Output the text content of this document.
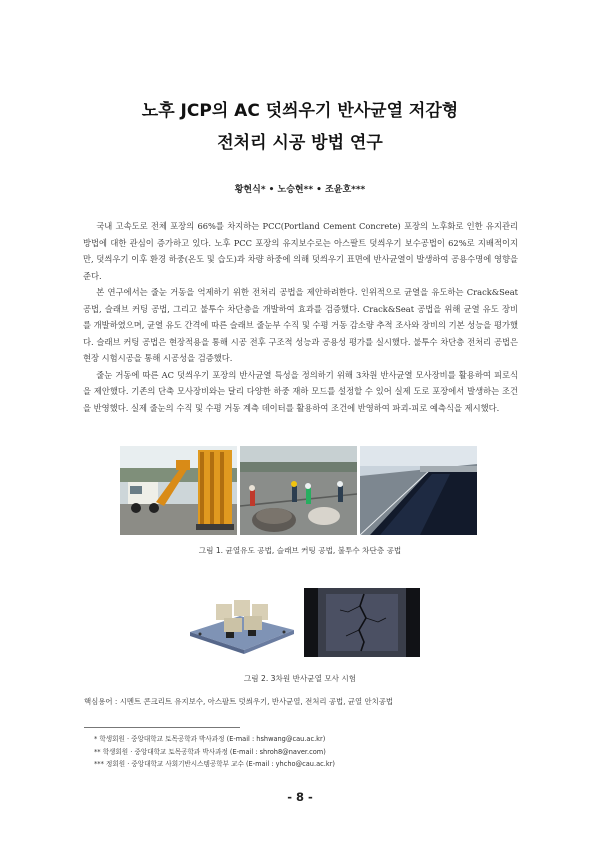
노후 JCP의 AC 덧씌우기 반사균열 저감형
전처리 시공 방법 연구
황현식* • 노승현** • 조윤호***

국내 고속도로 전체 포장의 66%를 차지하는 PCC(Portland Cement Concrete) 포장의 노후화로 인한 유지관리 방법에 대한 관심이 증가하고 있다. 노후 PCC 포장의 유지보수로는 아스팔트 덧씌우기 보수공법이 62%로 지배적이지만, 덧씌우기 이후 환경 하중(온도 및 습도)과 차량 하중에 의해 덧씌우기 표면에 반사균열이 발생하여 공용수명에 영향을 준다.

본 연구에서는 줄눈 거동을 억제하기 위한 전처리 공법을 제안하려한다. 인위적으로 균열을 유도하는 Crack&Seat 공법, 슬래브 커팅 공법, 그리고 불투수 차단층을 개발하여 효과를 검증했다. Crack&Seat 공법을 위해 균열 유도 장비를 개발하였으며, 균열 유도 간격에 따른 슬래브 줄눈부 수직 및 수평 거동 감소량 추적 조사와 장비의 기본 성능을 평가했다. 슬래브 커팅 공법은 현장적용을 통해 시공 전후 구조적 성능과 공용성 평가를 실시했다. 불투수 차단층 전처리 공법은 현장 시험시공을 통해 시공성을 검증했다.

줄눈 거동에 따른 AC 덧씌우기 포장의 반사균열 특성을 정의하기 위해 3차원 반사균열 모사장비를 활용하여 피로식을 제안했다. 기존의 단축 모사장비와는 달리 다양한 하중 재하 모드를 설정할 수 있어 실제 도로 포장에서 발생하는 조건을 반영했다. 실제 줄눈의 수직 및 수평 거동 계측 데이터를 활용하여 조건에 반영하여 파괴-피로 예측식을 제시했다.

그림 1. 균열유도 공법, 슬래브 커팅 공법, 불투수 차단층 공법
그림 2. 3차원 반사균열 모사 시험
핵심용어 : 시멘트 콘크리트 유지보수, 아스팔트 덧씌우기, 반사균열, 전처리 공법, 균열 안치공법
* 학생회원 · 중앙대학교 토목공학과 박사과정 (E-mail : hshwang@cau.ac.kr)
** 학생회원 · 중앙대학교 토목공학과 박사과정 (E-mail : shroh8@naver.com)
*** 정회원 · 중앙대학교 사회기반시스템공학부 교수 (E-mail : yhcho@cau.ac.kr)
- 8 -
